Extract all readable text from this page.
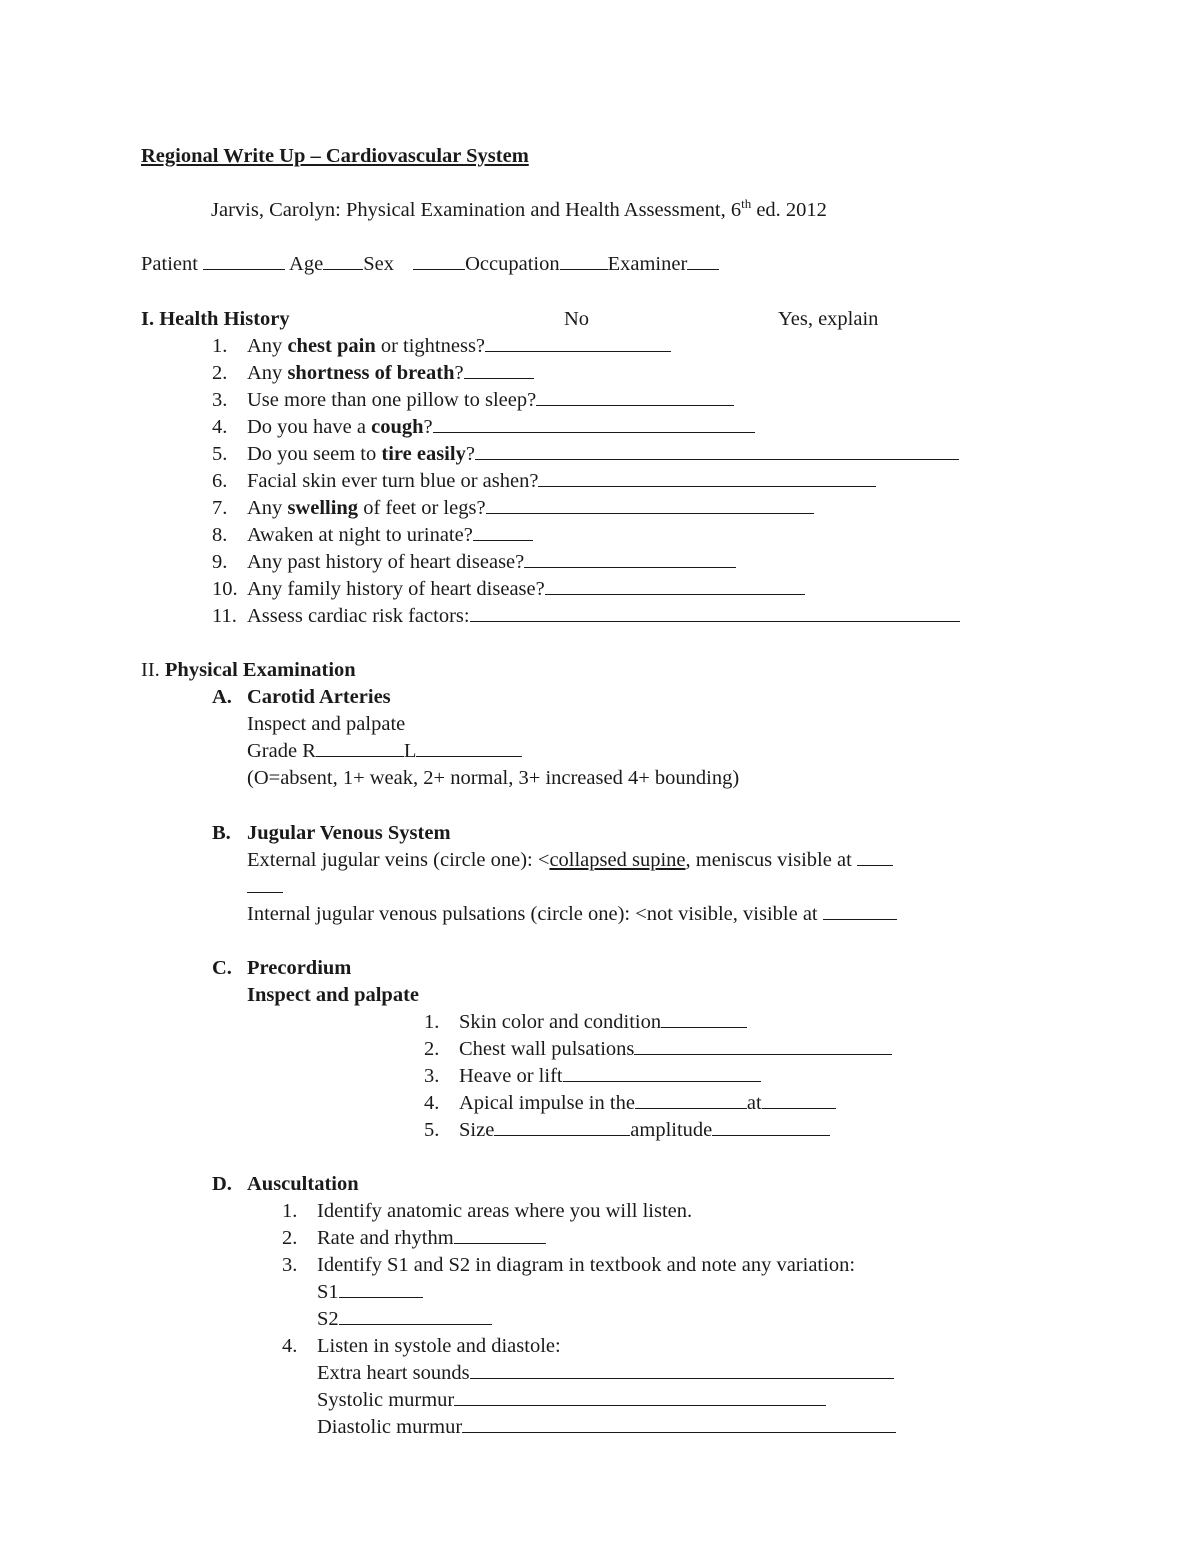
Regional Write Up – Cardiovascular System
Jarvis, Carolyn: Physical Examination and Health Assessment, 6th ed. 2012
Patient	Age Sex	Occupation Examiner
I. Health History	No	Yes, explain
1. Any chest pain or tightness?
2. Any shortness of breath?
3. Use more than one pillow to sleep?
4. Do you have a cough?
5. Do you seem to tire easily?
6. Facial skin ever turn blue or ashen?
7. Any swelling of feet or legs?
8. Awaken at night to urinate?
9. Any past history of heart disease?
10. Any family history of heart disease?
11. Assess cardiac risk factors:
II. Physical Examination
A. Carotid Arteries
Inspect and palpate
Grade R	L
(O=absent, 1+ weak, 2+ normal, 3+ increased 4+ bounding)
B. Jugular Venous System
External jugular veins (circle one): <collapsed supine, meniscus visible at
Internal jugular venous pulsations (circle one): <not visible, visible at
C. Precordium
Inspect and palpate
1. Skin color and condition
2. Chest wall pulsations
3. Heave or lift
4. Apical impulse in the	at
5. Size	amplitude
D. Auscultation
1. Identify anatomic areas where you will listen.
2. Rate and rhythm
3. Identify S1 and S2 in diagram in textbook and note any variation:
4. Listen in systole and diastole:
S1
S2
Extra heart sounds
Systolic murmur
Diastolic murmur
